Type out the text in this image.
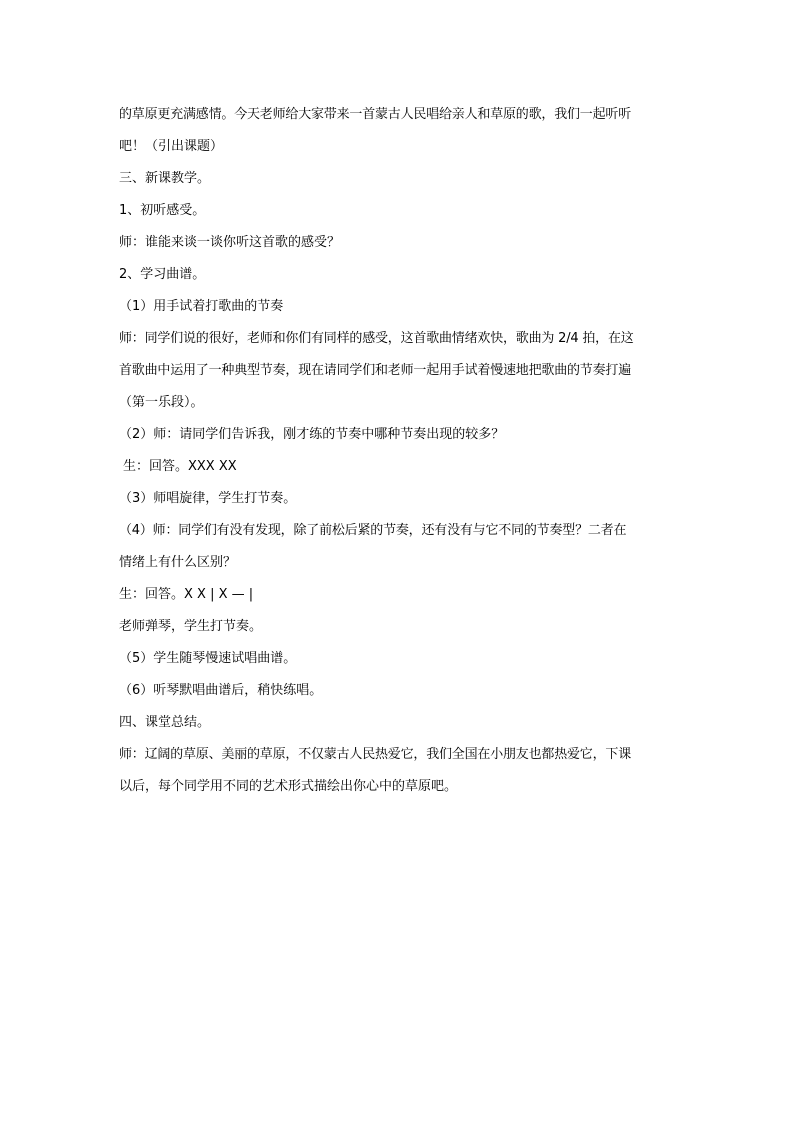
的草原更充满感情。今天老师给大家带来一首蒙古人民唱给亲人和草原的歌，我们一起听听
吧！（引出课题）
三、新课教学。
1、初听感受。
师：谁能来谈一谈你听这首歌的感受？
2、学习曲谱。
（1）用手试着打歌曲的节奏
师：同学们说的很好，老师和你们有同样的感受，这首歌曲情绪欢快，歌曲为 2/4 拍，在这
首歌曲中运用了一种典型节奏，现在请同学们和老师一起用手试着慢速地把歌曲的节奏打遍
（第一乐段）。
（2）师：请同学们告诉我，刚才练的节奏中哪种节奏出现的较多？
生：回答。XXX XX
（3）师唱旋律，学生打节奏。
（4）师：同学们有没有发现，除了前松后紧的节奏，还有没有与它不同的节奏型？二者在
情绪上有什么区别？
生：回答。X X | X — |
老师弹琴，学生打节奏。
（5）学生随琴慢速试唱曲谱。
（6）听琴默唱曲谱后，稍快练唱。
四、课堂总结。
师：辽阔的草原、美丽的草原，不仅蒙古人民热爱它，我们全国在小朋友也都热爱它，下课
以后，每个同学用不同的艺术形式描绘出你心中的草原吧。
